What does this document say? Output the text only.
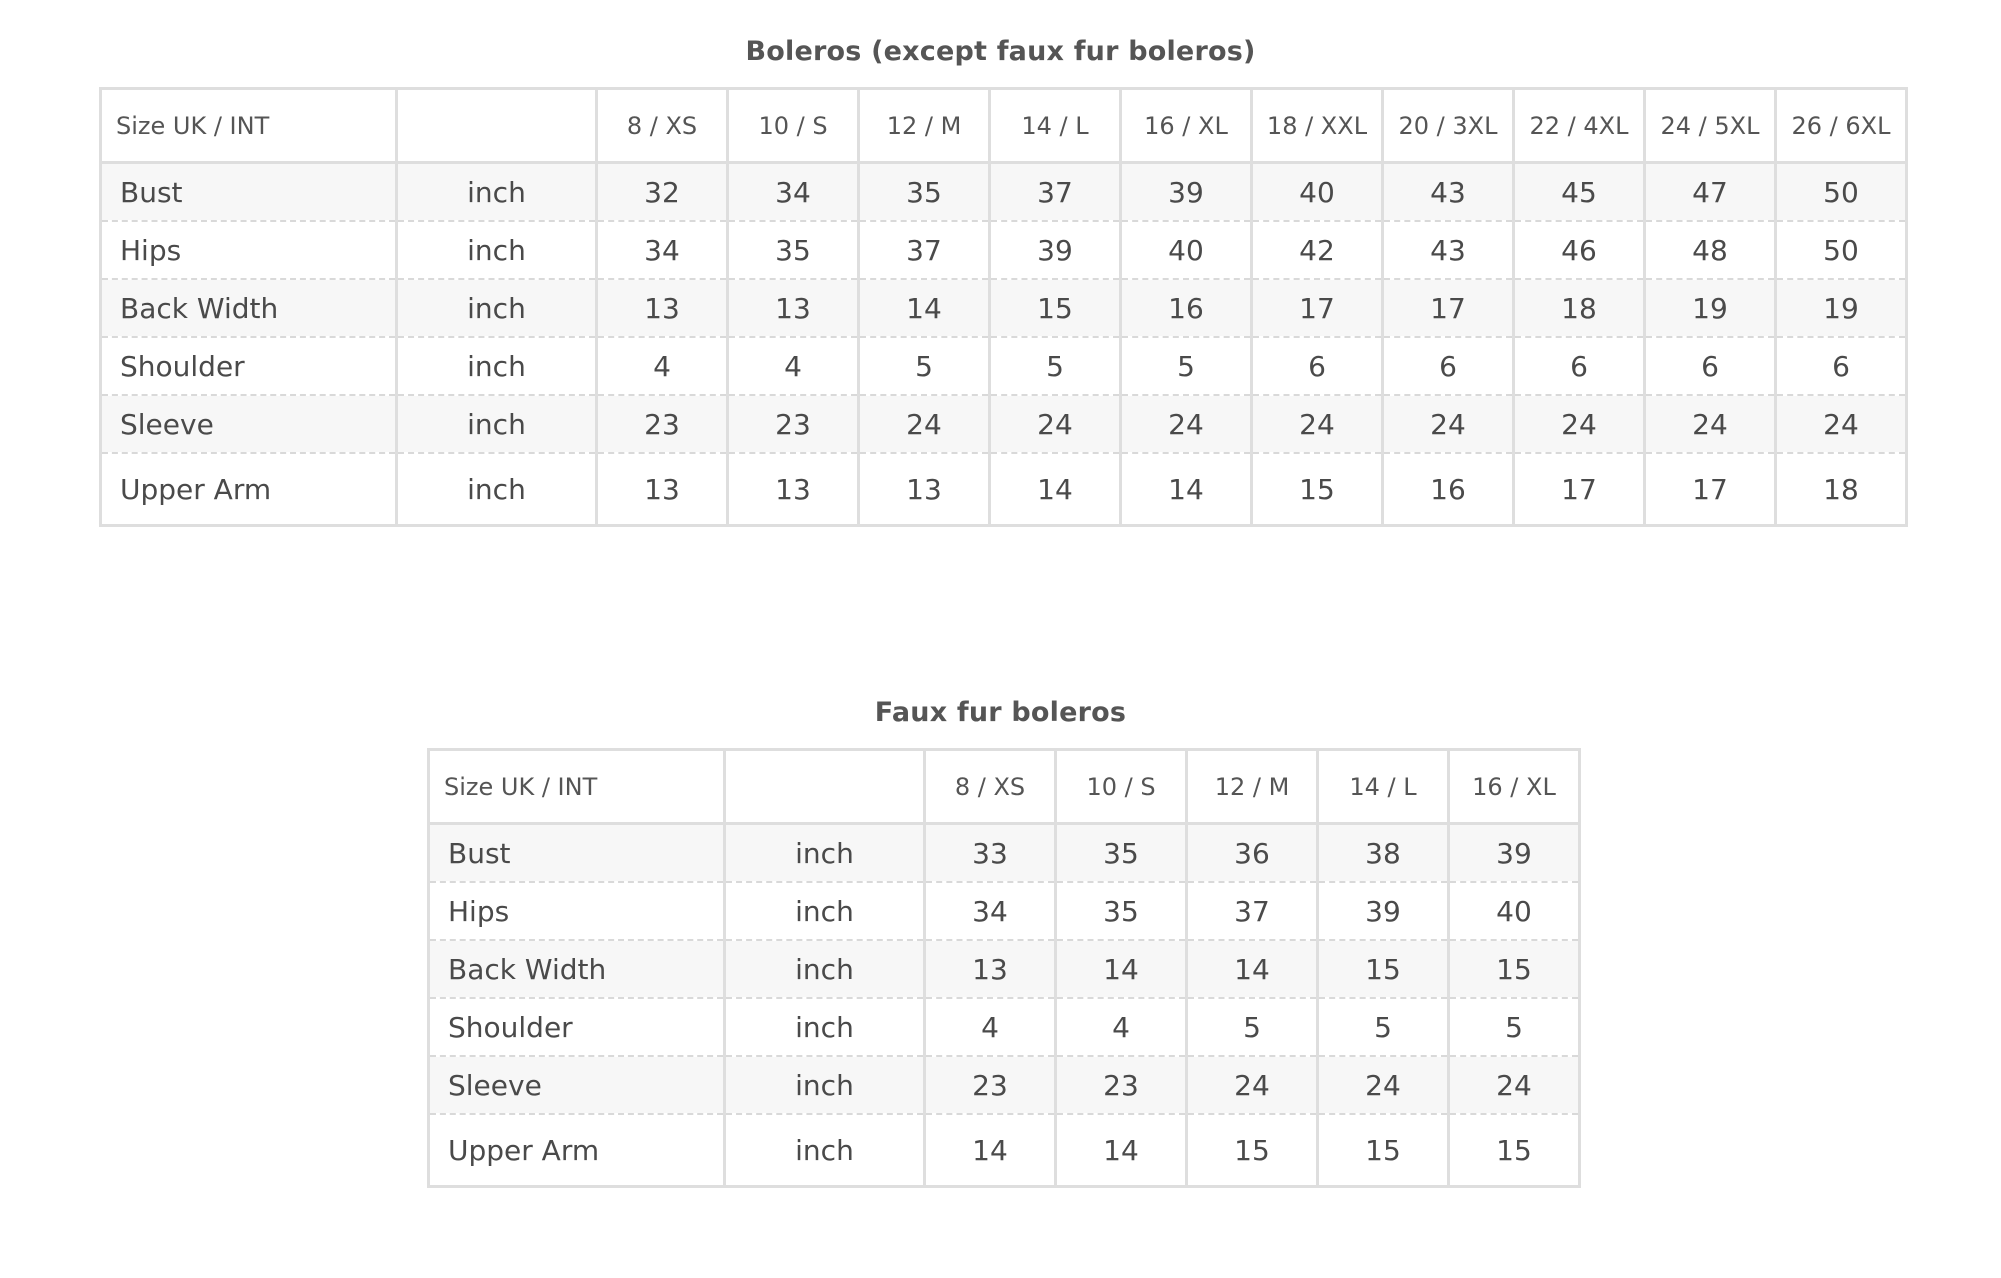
Boleros (except faux fur boleros)
Size UK / INT		8 / XS	10 / S	12 / M	14 / L	16 / XL	18 / XXL	20 / 3XL	22 / 4XL	24 / 5XL	26 / 6XL
Bust	inch	32	34	35	37	39	40	43	45	47	50
Hips	inch	34	35	37	39	40	42	43	46	48	50
Back Width	inch	13	13	14	15	16	17	17	18	19	19
Shoulder	inch	4	4	5	5	5	6	6	6	6	6
Sleeve	inch	23	23	24	24	24	24	24	24	24	24
Upper Arm	inch	13	13	13	14	14	15	16	17	17	18
Faux fur boleros
Size UK / INT		8 / XS	10 / S	12 / M	14 / L	16 / XL
Bust	inch	33	35	36	38	39
Hips	inch	34	35	37	39	40
Back Width	inch	13	14	14	15	15
Shoulder	inch	4	4	5	5	5
Sleeve	inch	23	23	24	24	24
Upper Arm	inch	14	14	15	15	15
